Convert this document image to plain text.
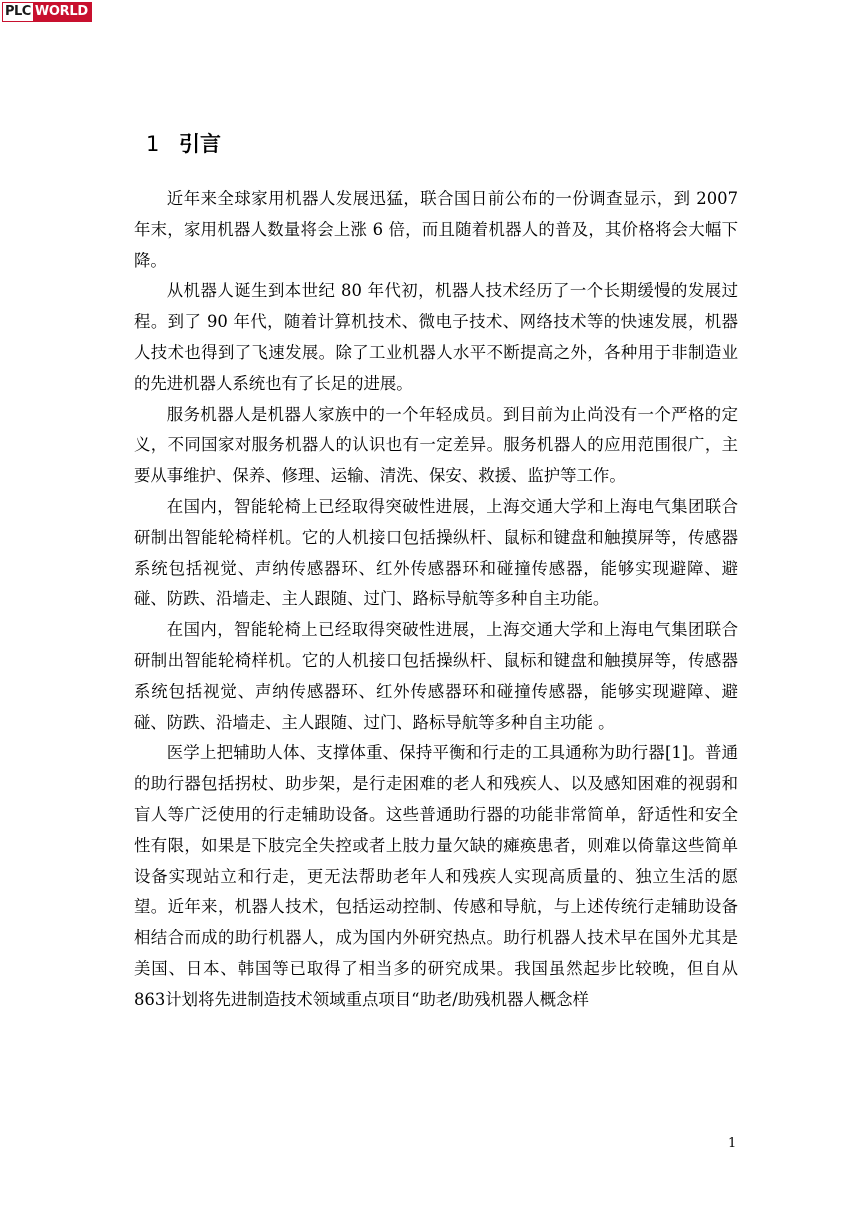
PLC WORLD
1 引言

近年来全球家用机器人发展迅猛，联合国日前公布的一份调查显示，到 2007 年末，家用机器人数量将会上涨 6 倍，而且随着机器人的普及，其价格将会大幅下降。

从机器人诞生到本世纪 80 年代初，机器人技术经历了一个长期缓慢的发展过程。到了 90 年代，随着计算机技术、微电子技术、网络技术等的快速发展，机器人技术也得到了飞速发展。除了工业机器人水平不断提高之外，各种用于非制造业的先进机器人系统也有了长足的进展。

服务机器人是机器人家族中的一个年轻成员。到目前为止尚没有一个严格的定义，不同国家对服务机器人的认识也有一定差异。服务机器人的应用范围很广，主要从事维护、保养、修理、运输、清洗、保安、救援、监护等工作。

在国内，智能轮椅上已经取得突破性进展，上海交通大学和上海电气集团联合研制出智能轮椅样机。它的人机接口包括操纵杆、鼠标和键盘和触摸屏等，传感器系统包括视觉、声纳传感器环、红外传感器环和碰撞传感器，能够实现避障、避碰、防跌、沿墙走、主人跟随、过门、路标导航等多种自主功能。

在国内，智能轮椅上已经取得突破性进展，上海交通大学和上海电气集团联合研制出智能轮椅样机。它的人机接口包括操纵杆、鼠标和键盘和触摸屏等，传感器系统包括视觉、声纳传感器环、红外传感器环和碰撞传感器，能够实现避障、避碰、防跌、沿墙走、主人跟随、过门、路标导航等多种自主功能 。

医学上把辅助人体、支撑体重、保持平衡和行走的工具通称为助行器[1]。普通的助行器包括拐杖、助步架，是行走困难的老人和残疾人、以及感知困难的视弱和盲人等广泛使用的行走辅助设备。这些普通助行器的功能非常简单，舒适性和安全性有限，如果是下肢完全失控或者上肢力量欠缺的瘫痪患者，则难以倚靠这些简单设备实现站立和行走，更无法帮助老年人和残疾人实现高质量的、独立生活的愿望。近年来，机器人技术，包括运动控制、传感和导航，与上述传统行走辅助设备相结合而成的助行机器人，成为国内外研究热点。助行机器人技术早在国外尤其是美国、日本、韩国等已取得了相当多的研究成果。我国虽然起步比较晚，但自从863计划将先进制造技术领域重点项目“助老/助残机器人概念样

1
